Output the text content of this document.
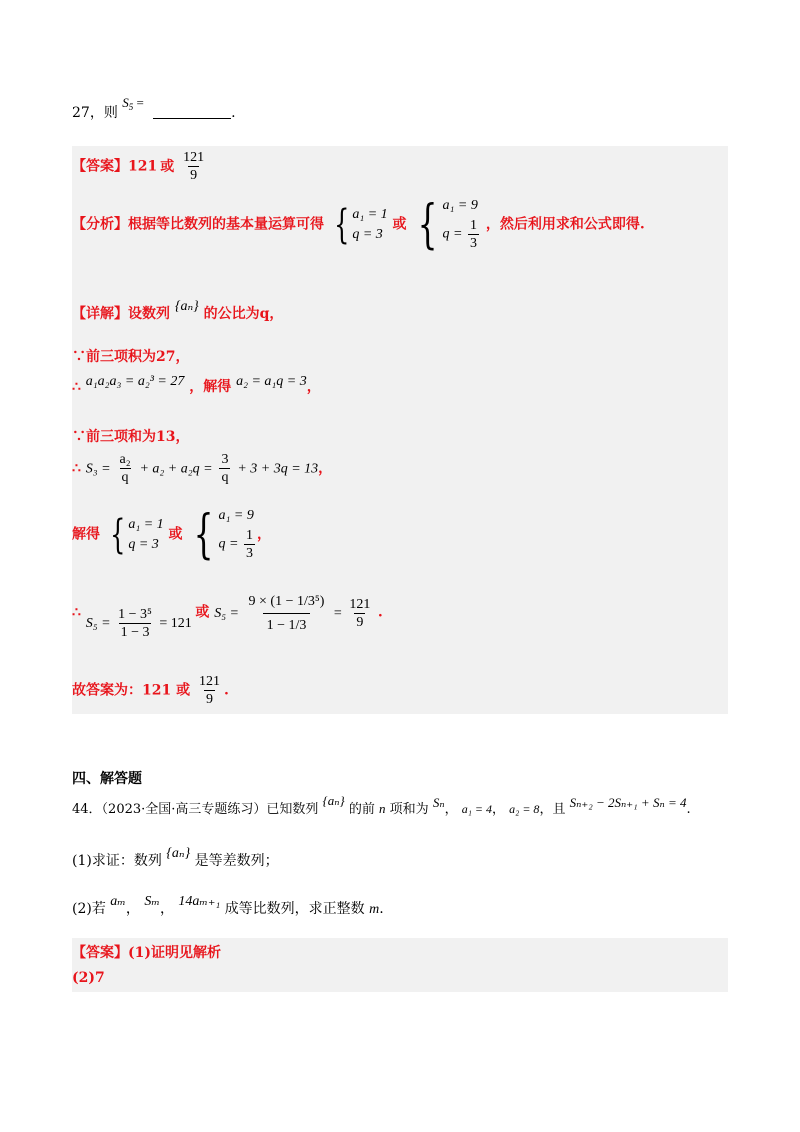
27，则 $S_5$ = .
【答案】121 或 $\frac{121}{9}$
【分析】根据等比数列的基本量运算可得 { a₁ = 1
q = 3
或 { a₁ = 9
$q = \frac{1}{3}$ ，然后利用求和公式即得.
【详解】设数列 {aₙ} 的公比为q，
∵前三项积为27，
∴ a₁a₂a₃ = a₂³ = 27 ，解得 a₂ = a₁q = 3，
∵前三项和为13，
∴ $S_3 = \frac{\text{a₂}}{q} + a_2 + a_2q = \frac{3}{q} + 3 + 3q = 13$，
解得 { a₁ = 1
q = 3
或 { a₁ = 9
$q = \frac{1}{3}$ ，
∴ $S_5 = \frac{\text{1 − 3⁵}}{1 - 3} = 121$ 或 $S_5 = \frac{\text{9 × (1 − 1/3⁵)}}{1 - 1/3} = \frac{121}{9}$ .
故答案为：121 或 $\frac{121}{9}$ .
四、解答题
44．（2023·全国·高三专题练习）已知数列 {aₙ} 的前 n 项和为 Sₙ， a₁ = 4， a₂ = 8，且 Sₙ₊₂ − 2Sₙ₊₁ + Sₙ = 4.
(1)求证：数列 {aₙ} 是等差数列；
(2)若 aₘ， Sₘ， 14aₘ₊₁ 成等比数列，求正整数 m.
【答案】(1)证明见解析
(2)7
